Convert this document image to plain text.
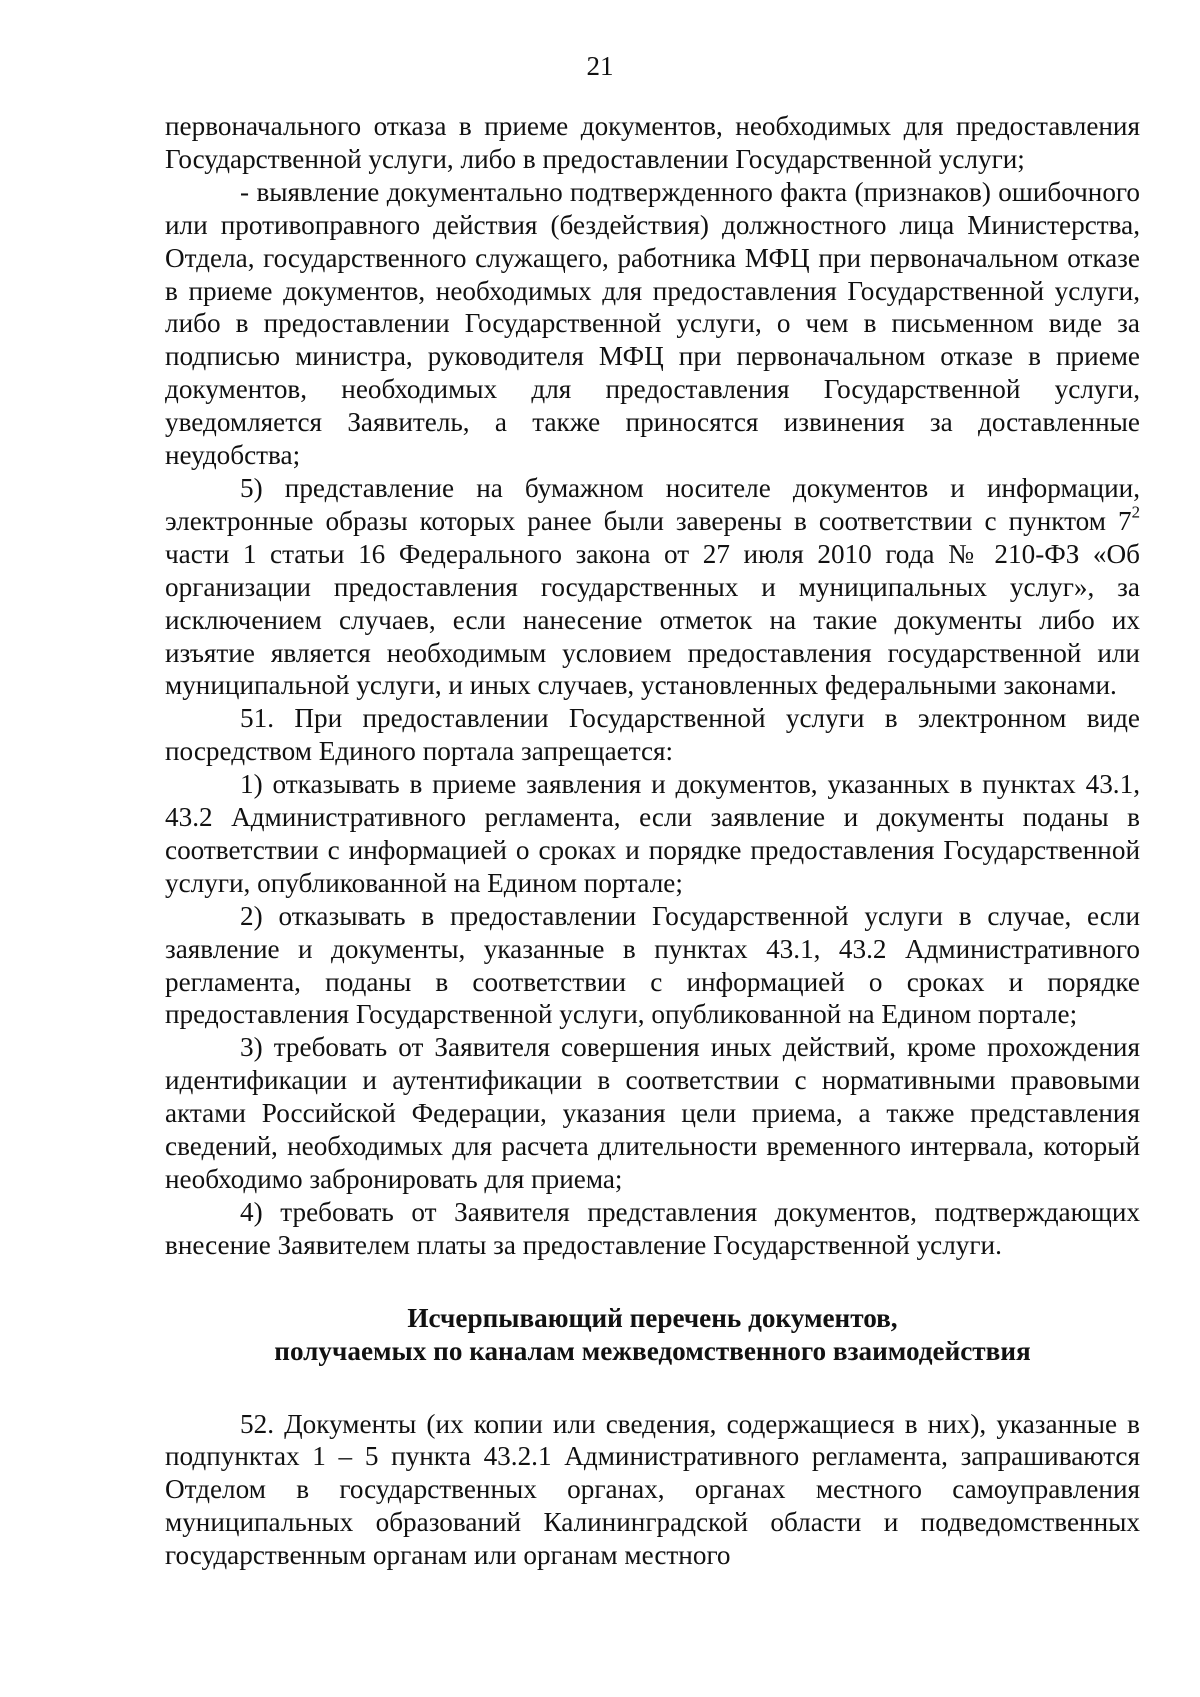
21

первоначального отказа в приеме документов, необходимых для предоставления Государственной услуги, либо в предоставлении Государственной услуги;

- выявление документально подтвержденного факта (признаков) ошибочного или противоправного действия (бездействия) должностного лица Министерства, Отдела, государственного служащего, работника МФЦ при первоначальном отказе в приеме документов, необходимых для предоставления Государственной услуги, либо в предоставлении Государственной услуги, о чем в письменном виде за подписью министра, руководителя МФЦ при первоначальном отказе в приеме документов, необходимых для предоставления Государственной услуги, уведомляется Заявитель, а также приносятся извинения за доставленные неудобства;

5) представление на бумажном носителе документов и информации, электронные образы которых ранее были заверены в соответствии с пунктом $7^2$ части 1 статьи 16 Федерального закона от 27 июля 2010 года № 210-ФЗ «Об организации предоставления государственных и муниципальных услуг», за исключением случаев, если нанесение отметок на такие документы либо их изъятие является необходимым условием предоставления государственной или муниципальной услуги, и иных случаев, установленных федеральными законами.

51. При предоставлении Государственной услуги в электронном виде посредством Единого портала запрещается:

1) отказывать в приеме заявления и документов, указанных в пунктах 43.1, 43.2 Административного регламента, если заявление и документы поданы в соответствии с информацией о сроках и порядке предоставления Государственной услуги, опубликованной на Едином портале;

2) отказывать в предоставлении Государственной услуги в случае, если заявление и документы, указанные в пунктах 43.1, 43.2 Административного регламента, поданы в соответствии с информацией о сроках и порядке предоставления Государственной услуги, опубликованной на Едином портале;

3) требовать от Заявителя совершения иных действий, кроме прохождения идентификации и аутентификации в соответствии с нормативными правовыми актами Российской Федерации, указания цели приема, а также представления сведений, необходимых для расчета длительности временного интервала, который необходимо забронировать для приема;

4) требовать от Заявителя представления документов, подтверждающих внесение Заявителем платы за предоставление Государственной услуги.

Исчерпывающий перечень документов,
получаемых по каналам межведомственного взаимодействия

52. Документы (их копии или сведения, содержащиеся в них), указанные в подпунктах 1 – 5 пункта 43.2.1 Административного регламента, запрашиваются Отделом в государственных органах, органах местного самоуправления муниципальных образований Калининградской области и подведомственных государственным органам или органам местного
